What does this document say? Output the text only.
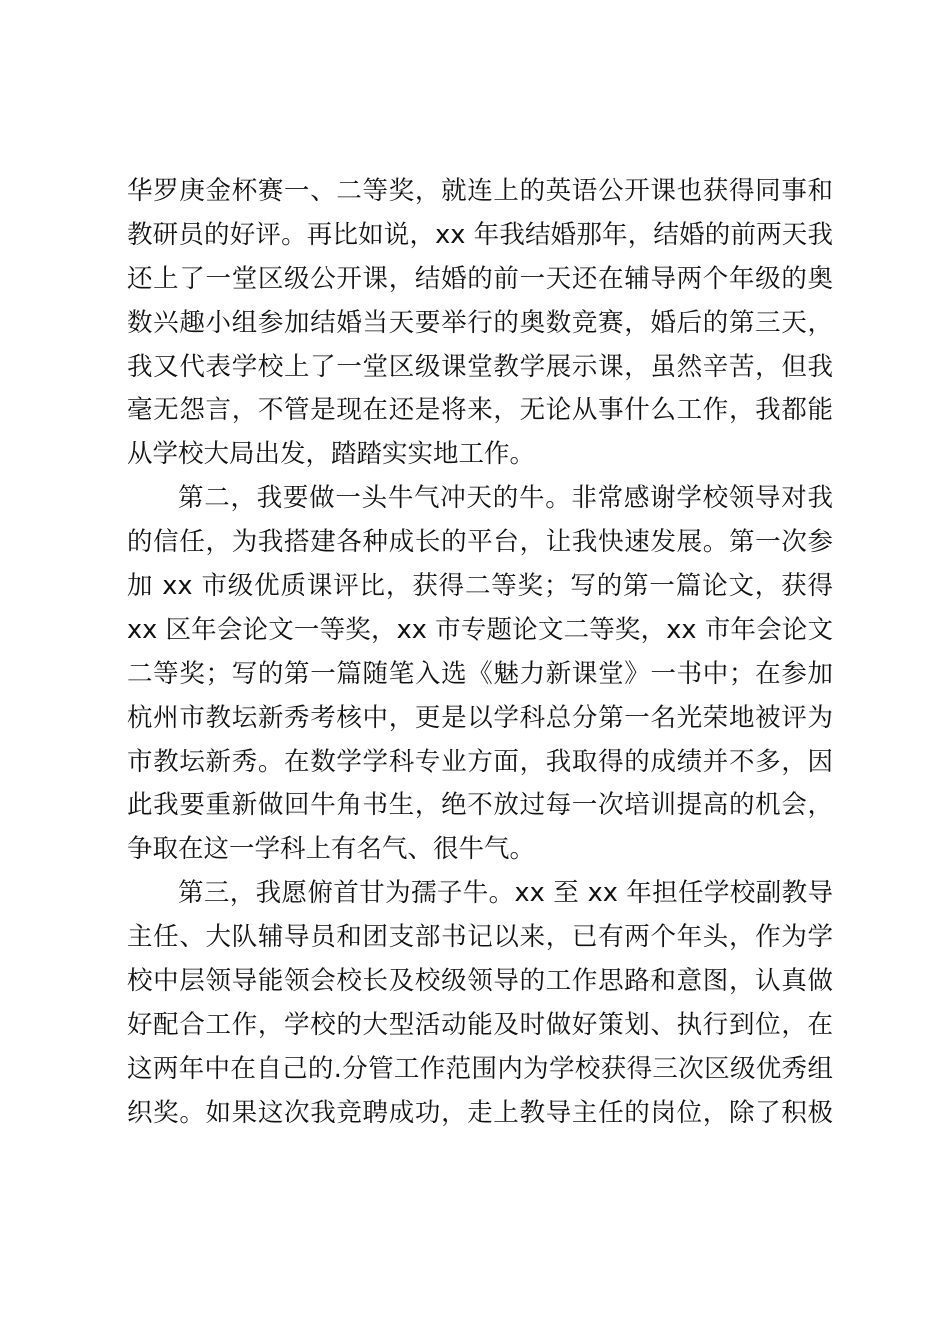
华罗庚金杯赛一、二等奖，就连上的英语公开课也获得同事和
教研员的好评。再比如说，xx 年我结婚那年，结婚的前两天我
还上了一堂区级公开课，结婚的前一天还在辅导两个年级的奥
数兴趣小组参加结婚当天要举行的奥数竞赛，婚后的第三天，
我又代表学校上了一堂区级课堂教学展示课，虽然辛苦，但我
毫无怨言，不管是现在还是将来，无论从事什么工作，我都能
从学校大局出发，踏踏实实地工作。
第二，我要做一头牛气冲天的牛。非常感谢学校领导对我
的信任，为我搭建各种成长的平台，让我快速发展。第一次参
加 xx 市级优质课评比，获得二等奖；写的第一篇论文，获得
xx 区年会论文一等奖，xx 市专题论文二等奖，xx 市年会论文
二等奖；写的第一篇随笔入选《魅力新课堂》一书中；在参加
杭州市教坛新秀考核中，更是以学科总分第一名光荣地被评为
市教坛新秀。在数学学科专业方面，我取得的成绩并不多，因
此我要重新做回牛角书生，绝不放过每一次培训提高的机会，
争取在这一学科上有名气、很牛气。
第三，我愿俯首甘为孺子牛。xx 至 xx 年担任学校副教导
主任、大队辅导员和团支部书记以来，已有两个年头，作为学
校中层领导能领会校长及校级领导的工作思路和意图，认真做
好配合工作，学校的大型活动能及时做好策划、执行到位，在
这两年中在自己的.分管工作范围内为学校获得三次区级优秀组
织奖。如果这次我竞聘成功，走上教导主任的岗位，除了积极
